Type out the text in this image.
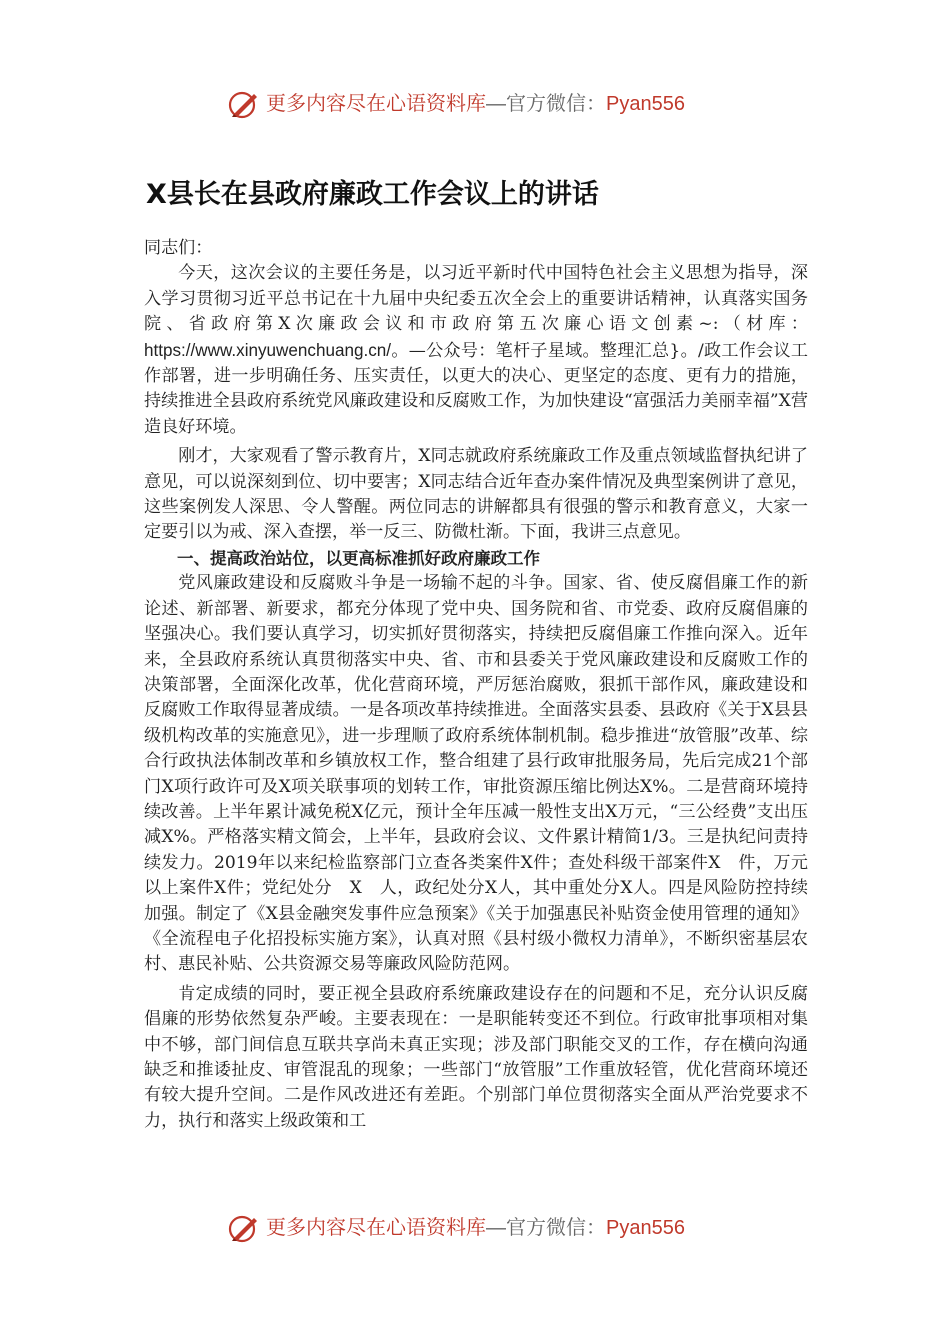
更多内容尽在心语资料库—官方微信：Pyan556
X县长在县政府廉政工作会议上的讲话

同志们：

今天，这次会议的主要任务是，以习近平新时代中国特色社会主义思想为指导，深入学习贯彻习近平总书记在十九届中央纪委五次全会上的重要讲话精神，认真落实国务院、省政府第X次廉政会议和市政府第五次廉心语文创素~:（材库：https://www.xinyuwenchuang.cn/。—公众号：笔杆子星域。整理汇总}。/政工作会议工作部署，进一步明确任务、压实责任，以更大的决心、更坚定的态度、更有力的措施，持续推进全县政府系统党风廉政建设和反腐败工作，为加快建设“富强活力美丽幸福”X营造良好环境。

刚才，大家观看了警示教育片，X同志就政府系统廉政工作及重点领域监督执纪讲了意见，可以说深刻到位、切中要害；X同志结合近年查办案件情况及典型案例讲了意见，这些案例发人深思、令人警醒。两位同志的讲解都具有很强的警示和教育意义，大家一定要引以为戒、深入查摆，举一反三、防微杜渐。下面，我讲三点意见。

一、提高政治站位，以更高标准抓好政府廉政工作

党风廉政建设和反腐败斗争是一场输不起的斗争。国家、省、使反腐倡廉工作的新论述、新部署、新要求，都充分体现了党中央、国务院和省、市党委、政府反腐倡廉的坚强决心。我们要认真学习，切实抓好贯彻落实，持续把反腐倡廉工作推向深入。近年来，全县政府系统认真贯彻落实中央、省、市和县委关于党风廉政建设和反腐败工作的决策部署，全面深化改革，优化营商环境，严厉惩治腐败，狠抓干部作风，廉政建设和反腐败工作取得显著成绩。一是各项改革持续推进。全面落实县委、县政府《关于X县县级机构改革的实施意见》，进一步理顺了政府系统体制机制。稳步推进“放管服”改革、综合行政执法体制改革和乡镇放权工作，整合组建了县行政审批服务局，先后完成21个部门X项行政许可及X项关联事项的划转工作，审批资源压缩比例达X%。二是营商环境持续改善。上半年累计减免税X亿元，预计全年压减一般性支出X万元，“三公经费”支出压减X%。严格落实精文简会，上半年，县政府会议、文件累计精简1/3。三是执纪问责持续发力。2019年以来纪检监察部门立查各类案件X件；查处科级干部案件X　件，万元以上案件X件；党纪处分　X　人，政纪处分X人，其中重处分X人。四是风险防控持续加强。制定了《X县金融突发事件应急预案》《关于加强惠民补贴资金使用管理的通知》《全流程电子化招投标实施方案》，认真对照《县村级小微权力清单》，不断织密基层农村、惠民补贴、公共资源交易等廉政风险防范网。

肯定成绩的同时，要正视全县政府系统廉政建设存在的问题和不足，充分认识反腐倡廉的形势依然复杂严峻。主要表现在：一是职能转变还不到位。行政审批事项相对集中不够，部门间信息互联共享尚未真正实现；涉及部门职能交叉的工作，存在横向沟通缺乏和推诿扯皮、审管混乱的现象；一些部门“放管服”工作重放轻管，优化营商环境还有较大提升空间。二是作风改进还有差距。个别部门单位贯彻落实全面从严治党要求不力，执行和落实上级政策和工

更多内容尽在心语资料库—官方微信：Pyan556
